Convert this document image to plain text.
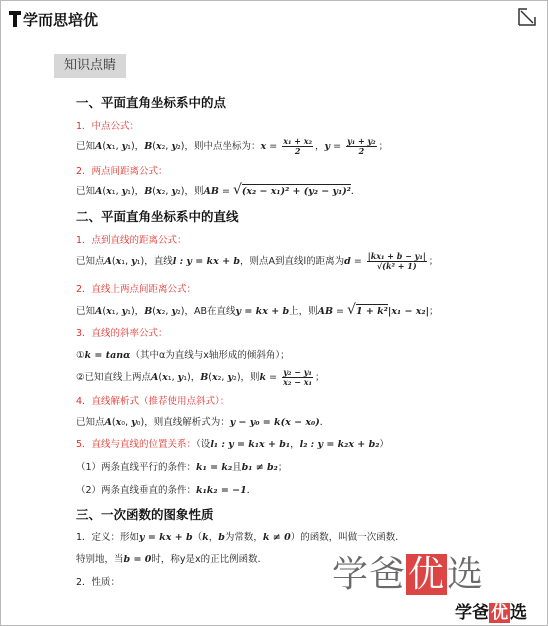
学而思培优
知识点睛
一、平面直角坐标系中的点
1．中点公式：
已知A(x₁, y₁)，B(x₂, y₂)，则中点坐标为：$x = \frac{\text{x₁ + x₂}}{2}$ ，$y = \frac{\text{y₁ + y₂}}{2}$ ；
2．两点间距离公式：
已知A(x₁, y₁)，B(x₂, y₂)，则AB = √(x₂ − x₁)² + (y₂ − y₁)²．
二、平面直角坐标系中的直线
1．点到直线的距离公式：
已知点A(x₁, y₁)，直线l : y = kx + b，则点A到直线l的距离为$d = \frac{\text{|kx₁ + b − y₁|}}{\text{√(k² + 1)}}$ ；
2．直线上两点间距离公式：
已知A(x₁, y₁)，B(x₂, y₂)，AB在直线y = kx + b上，则AB = √1 + k²|x₁ − x₂|；
3．直线的斜率公式：
①k = tanα（其中α为直线与x轴形成的倾斜角）；
②已知直线上两点A(x₁, y₁)，B(x₂, y₂)，则$k = \frac{\text{y₂ − y₁}}{\text{x₂ − x₁}}$ ；
4．直线解析式（推荐使用点斜式）：
已知点A(x₀, y₀)，则直线解析式为：y − y₀ = k(x − x₀)．
5．直线与直线的位置关系：（设l₁ : y = k₁x + b₁，l₂ : y = k₂x + b₂）
（1）两条直线平行的条件：k₁ = k₂且b₁ ≠ b₂；
（2）两条直线垂直的条件：k₁k₂ = −1．
三、一次函数的图象性质
1．定义：形如y = kx + b（k，b为常数，k ≠ 0）的函数，叫做一次函数．
特别地，当b = 0时，称y是x的正比例函数．
2．性质：	学爸优选
学爸 优 选
